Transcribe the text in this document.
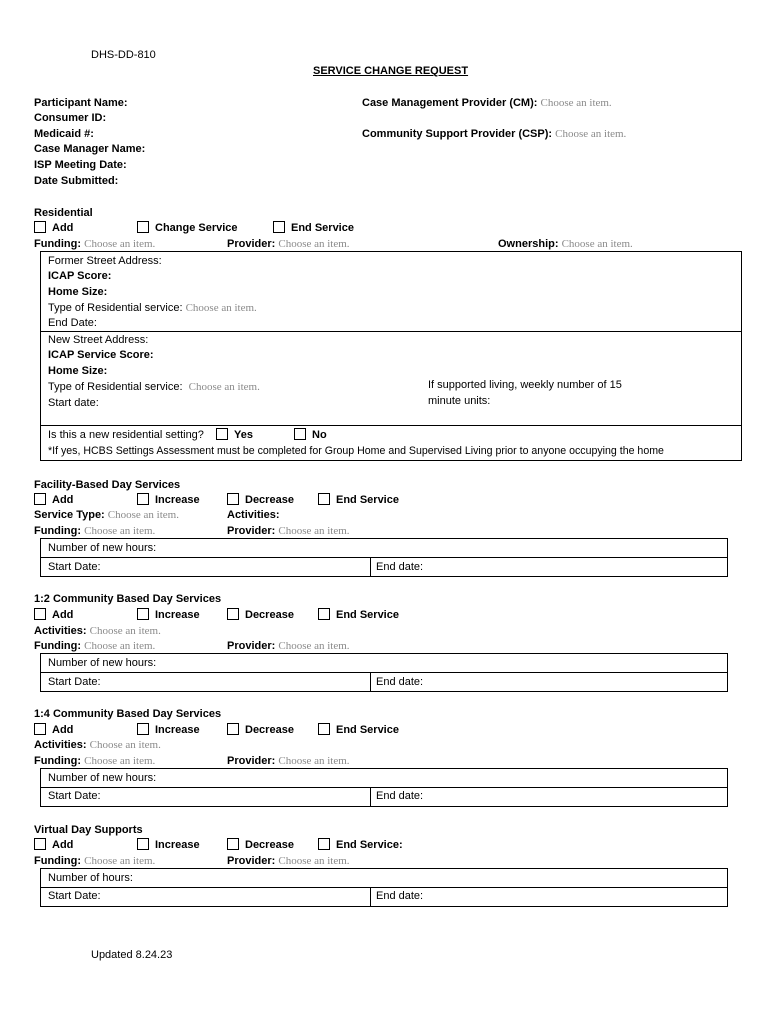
DHS-DD-810
SERVICE CHANGE REQUEST
Participant Name:
Consumer ID:
Medicaid #:
Case Manager Name:
ISP Meeting Date:
Date Submitted:
Case Management Provider (CM): Choose an item.
Community Support Provider (CSP): Choose an item.
Residential
Add	Change Service	End Service
Funding: Choose an item.	Provider: Choose an item.	Ownership: Choose an item.
Former Street Address:
ICAP Score:
Home Size:
Type of Residential service: Choose an item.
End Date:
New Street Address:
ICAP Service Score:
Home Size:
Type of Residential service: Choose an item.
Start date:
If supported living, weekly number of 15
minute units:
Is this a new residential setting?	Yes	No
*If yes, HCBS Settings Assessment must be completed for Group Home and Supervised Living prior to anyone occupying the home
Facility-Based Day Services
Add	Increase	Decrease	End Service
Service Type: Choose an item.	Activities:
Funding: Choose an item.	Provider: Choose an item.
Number of new hours:
Start Date:	End date:
1:2 Community Based Day Services
Add	Increase	Decrease	End Service
Activities: Choose an item.
Funding: Choose an item.	Provider: Choose an item.
Number of new hours:
Start Date:	End date:
1:4 Community Based Day Services
Add	Increase	Decrease	End Service
Activities: Choose an item.
Funding: Choose an item.	Provider: Choose an item.
Number of new hours:
Start Date:	End date:
Virtual Day Supports
Add	Increase	Decrease	End Service:
Funding: Choose an item.	Provider: Choose an item.
Number of hours:
Start Date:	End date:
Updated 8.24.23
